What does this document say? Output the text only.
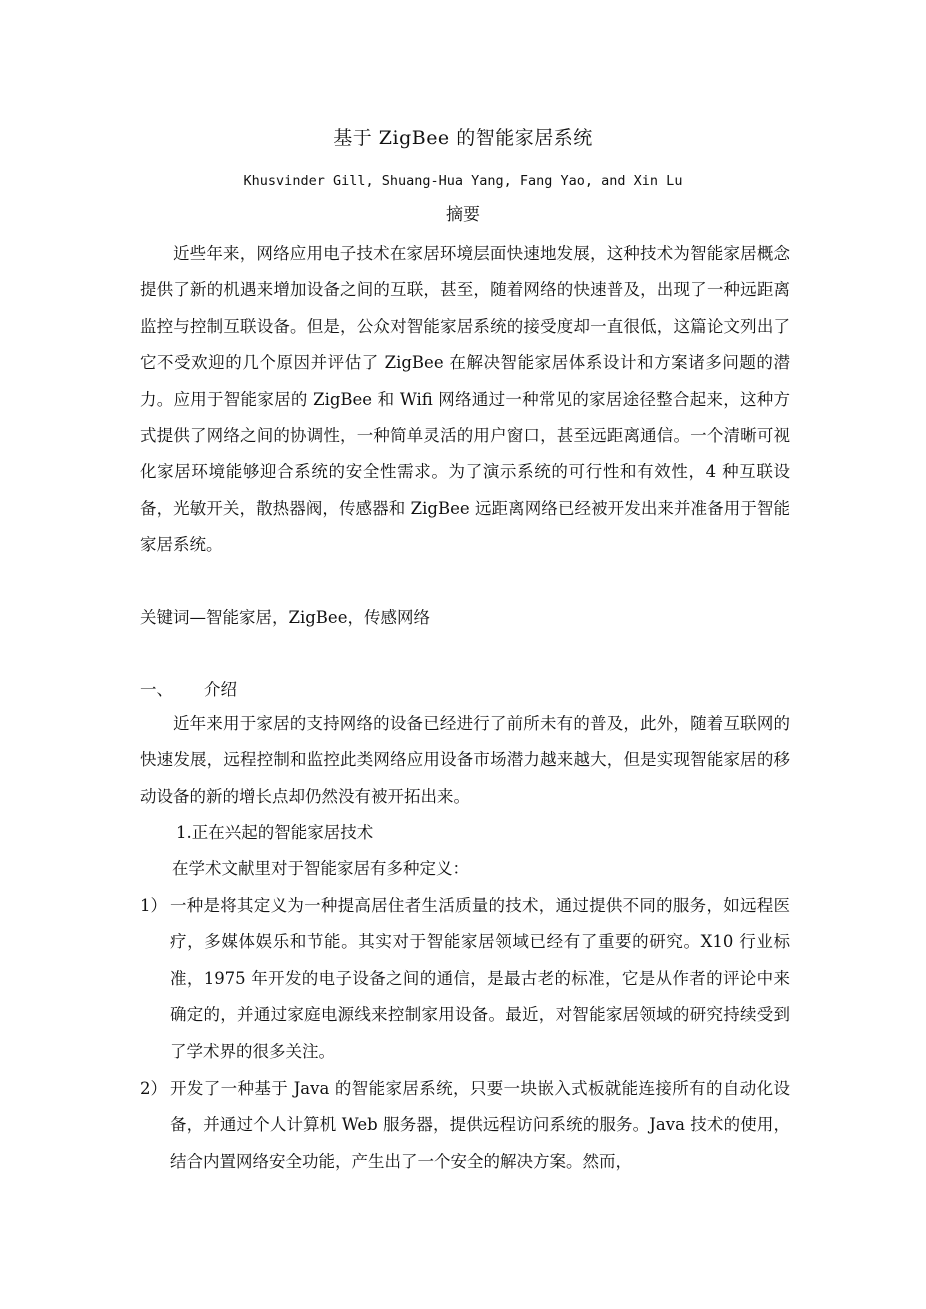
基于 ZigBee 的智能家居系统
Khusvinder Gill, Shuang-Hua Yang, Fang Yao, and Xin Lu
摘要

近些年来，网络应用电子技术在家居环境层面快速地发展，这种技术为智能家居概念提供了新的机遇来增加设备之间的互联，甚至，随着网络的快速普及，出现了一种远距离监控与控制互联设备。但是，公众对智能家居系统的接受度却一直很低，这篇论文列出了它不受欢迎的几个原因并评估了 ZigBee 在解决智能家居体系设计和方案诸多问题的潜力。应用于智能家居的 ZigBee 和 Wifi 网络通过一种常见的家居途径整合起来，这种方式提供了网络之间的协调性，一种简单灵活的用户窗口，甚至远距离通信。一个清晰可视化家居环境能够迎合系统的安全性需求。为了演示系统的可行性和有效性，4 种互联设备，光敏开关，散热器阀，传感器和 ZigBee 远距离网络已经被开发出来并准备用于智能家居系统。

关键词—智能家居，ZigBee，传感网络

一、 介绍

近年来用于家居的支持网络的设备已经进行了前所未有的普及，此外，随着互联网的快速发展，远程控制和监控此类网络应用设备市场潜力越来越大，但是实现智能家居的移动设备的新的增长点却仍然没有被开拓出来。

1.正在兴起的智能家居技术
在学术文献里对于智能家居有多种定义：
1） 一种是将其定义为一种提高居住者生活质量的技术，通过提供不同的服务，如远程医疗，多媒体娱乐和节能。其实对于智能家居领域已经有了重要的研究。X10 行业标准，1975 年开发的电子设备之间的通信，是最古老的标准，它是从作者的评论中来确定的，并通过家庭电源线来控制家用设备。最近，对智能家居领域的研究持续受到了学术界的很多关注。
2） 开发了一种基于 Java 的智能家居系统，只要一块嵌入式板就能连接所有的自动化设备，并通过个人计算机 Web 服务器，提供远程访问系统的服务。Java 技术的使用，结合内置网络安全功能，产生出了一个安全的解决方案。然而，
